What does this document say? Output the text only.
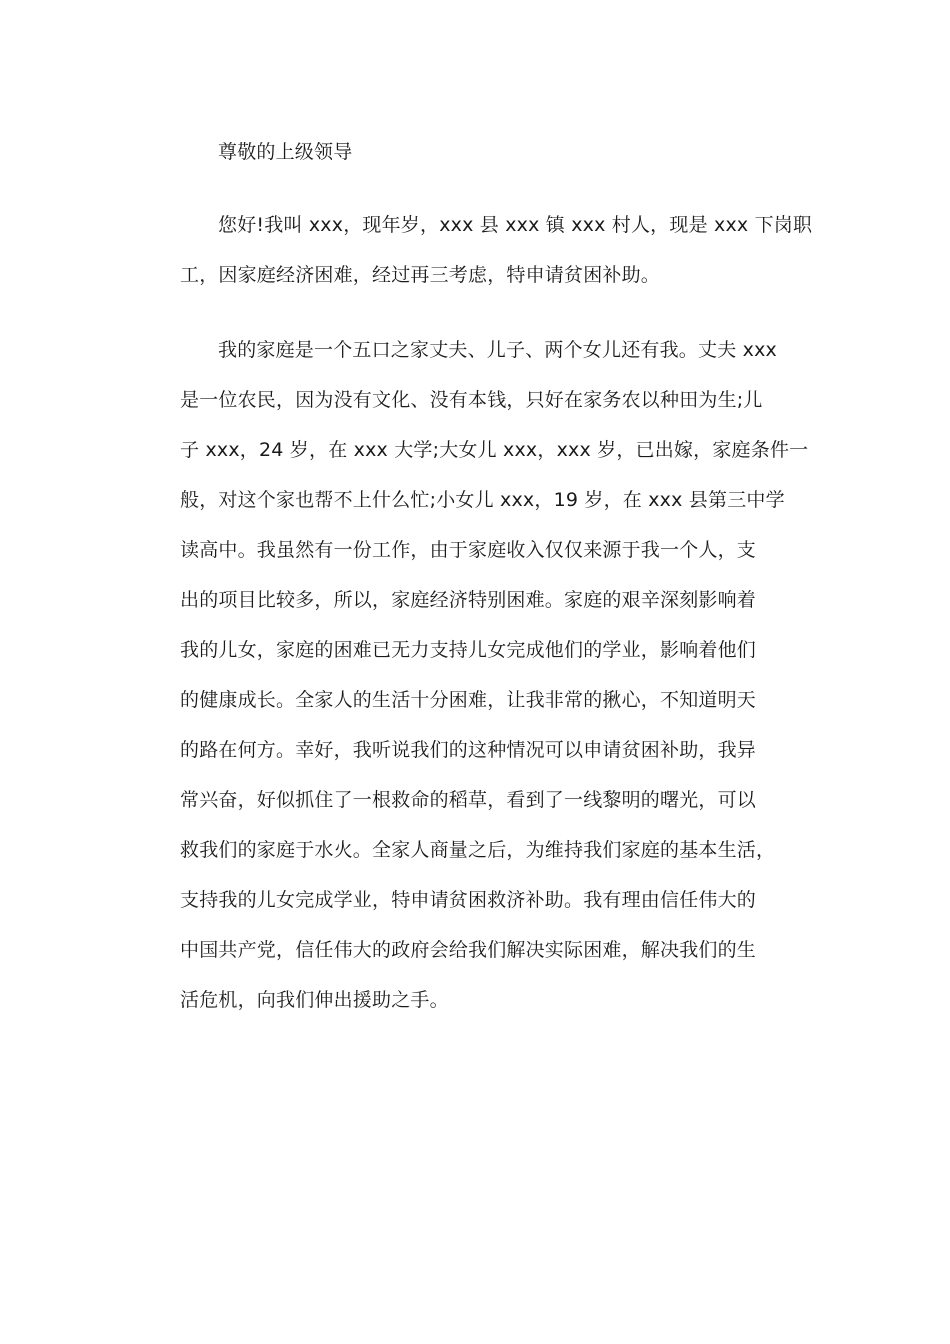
尊敬的上级领导
您好!我叫 xxx，现年岁，xxx 县 xxx 镇 xxx 村人，现是 xxx 下岗职
工，因家庭经济困难，经过再三考虑，特申请贫困补助。
我的家庭是一个五口之家丈夫、儿子、两个女儿还有我。丈夫 xxx
是一位农民，因为没有文化、没有本钱，只好在家务农以种田为生;儿
子 xxx，24 岁，在 xxx 大学;大女儿 xxx，xxx 岁，已出嫁，家庭条件一
般，对这个家也帮不上什么忙;小女儿 xxx，19 岁，在 xxx 县第三中学
读高中。我虽然有一份工作，由于家庭收入仅仅来源于我一个人，支
出的项目比较多，所以，家庭经济特别困难。家庭的艰辛深刻影响着
我的儿女，家庭的困难已无力支持儿女完成他们的学业，影响着他们
的健康成长。全家人的生活十分困难，让我非常的揪心，不知道明天
的路在何方。幸好，我听说我们的这种情况可以申请贫困补助，我异
常兴奋，好似抓住了一根救命的稻草，看到了一线黎明的曙光，可以
救我们的家庭于水火。全家人商量之后，为维持我们家庭的基本生活，
支持我的儿女完成学业，特申请贫困救济补助。我有理由信任伟大的
中国共产党，信任伟大的政府会给我们解决实际困难，解决我们的生
活危机，向我们伸出援助之手。
